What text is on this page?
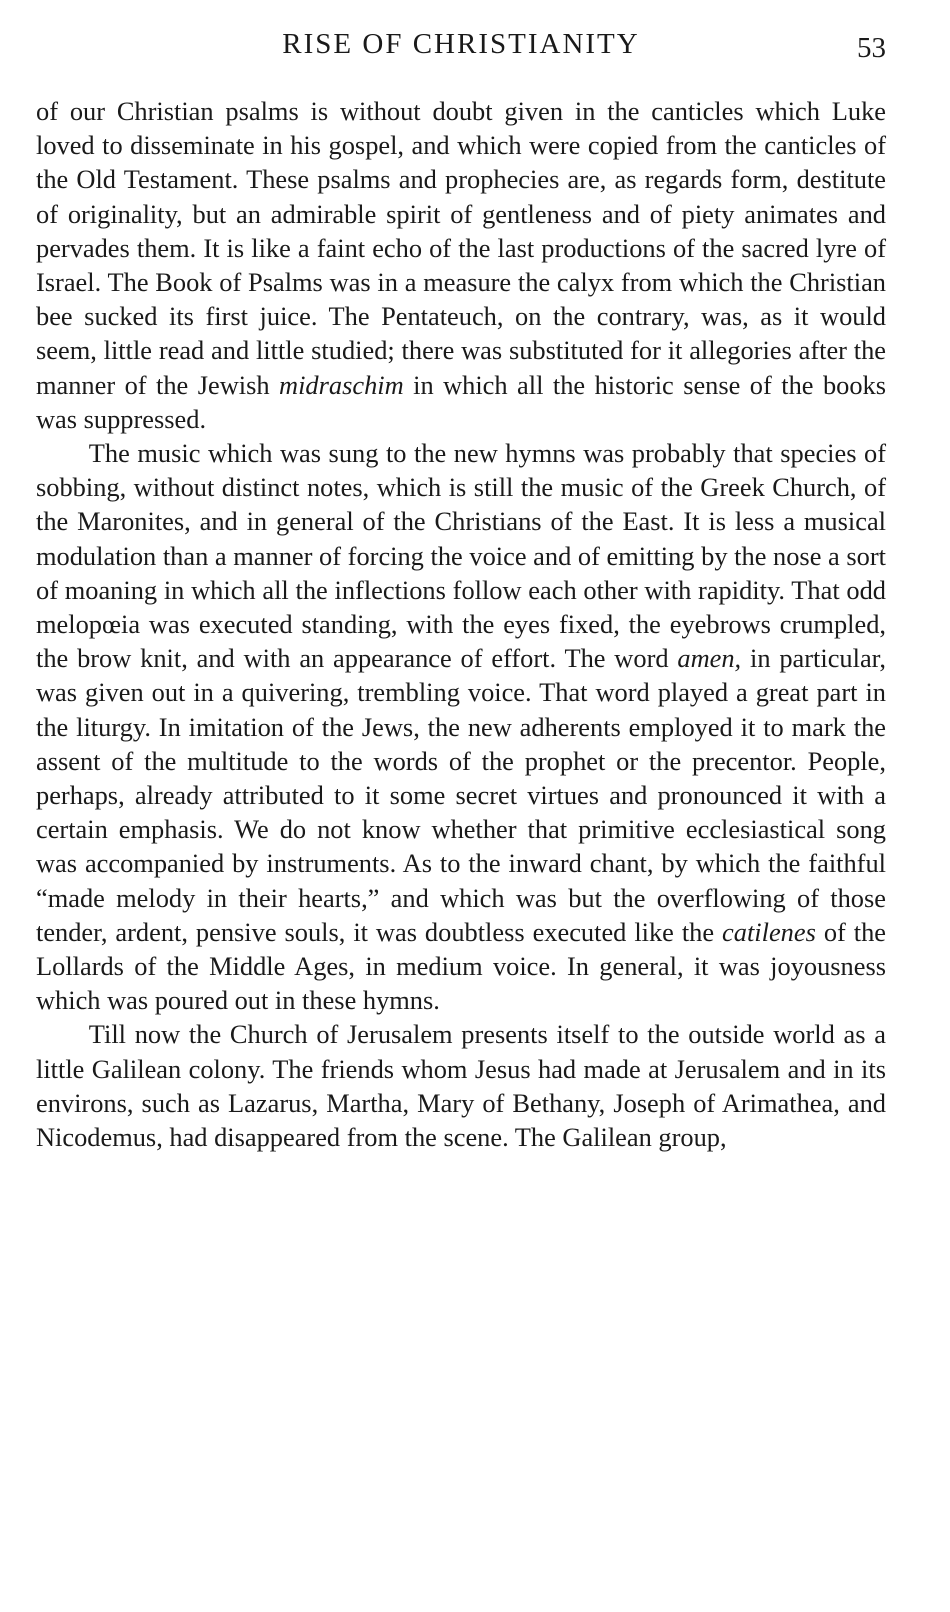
RISE OF CHRISTIANITY	53

of our Christian psalms is without doubt given in the canticles which Luke loved to disseminate in his gospel, and which were copied from the canticles of the Old Testament. These psalms and prophecies are, as regards form, destitute of originality, but an admirable spirit of gentleness and of piety animates and pervades them. It is like a faint echo of the last productions of the sacred lyre of Israel. The Book of Psalms was in a measure the calyx from which the Christian bee sucked its first juice. The Pentateuch, on the contrary, was, as it would seem, little read and little studied; there was substituted for it allegories after the manner of the Jewish midraschim in which all the historic sense of the books was suppressed.

The music which was sung to the new hymns was probably that species of sobbing, without distinct notes, which is still the music of the Greek Church, of the Maronites, and in general of the Christians of the East. It is less a musical modulation than a manner of forcing the voice and of emitting by the nose a sort of moaning in which all the inflections follow each other with rapidity. That odd melopœia was executed standing, with the eyes fixed, the eyebrows crumpled, the brow knit, and with an appearance of effort. The word amen, in particular, was given out in a quivering, trembling voice. That word played a great part in the liturgy. In imitation of the Jews, the new adherents employed it to mark the assent of the multitude to the words of the prophet or the precentor. People, perhaps, already attributed to it some secret virtues and pronounced it with a certain emphasis. We do not know whether that primitive ecclesiastical song was accompanied by instruments. As to the inward chant, by which the faithful “made melody in their hearts,” and which was but the overflowing of those tender, ardent, pensive souls, it was doubtless executed like the catilenes of the Lollards of the Middle Ages, in medium voice. In general, it was joyousness which was poured out in these hymns.

Till now the Church of Jerusalem presents itself to the outside world as a little Galilean colony. The friends whom Jesus had made at Jerusalem and in its environs, such as Lazarus, Martha, Mary of Bethany, Joseph of Arimathea, and Nicodemus, had disappeared from the scene. The Galilean group,
